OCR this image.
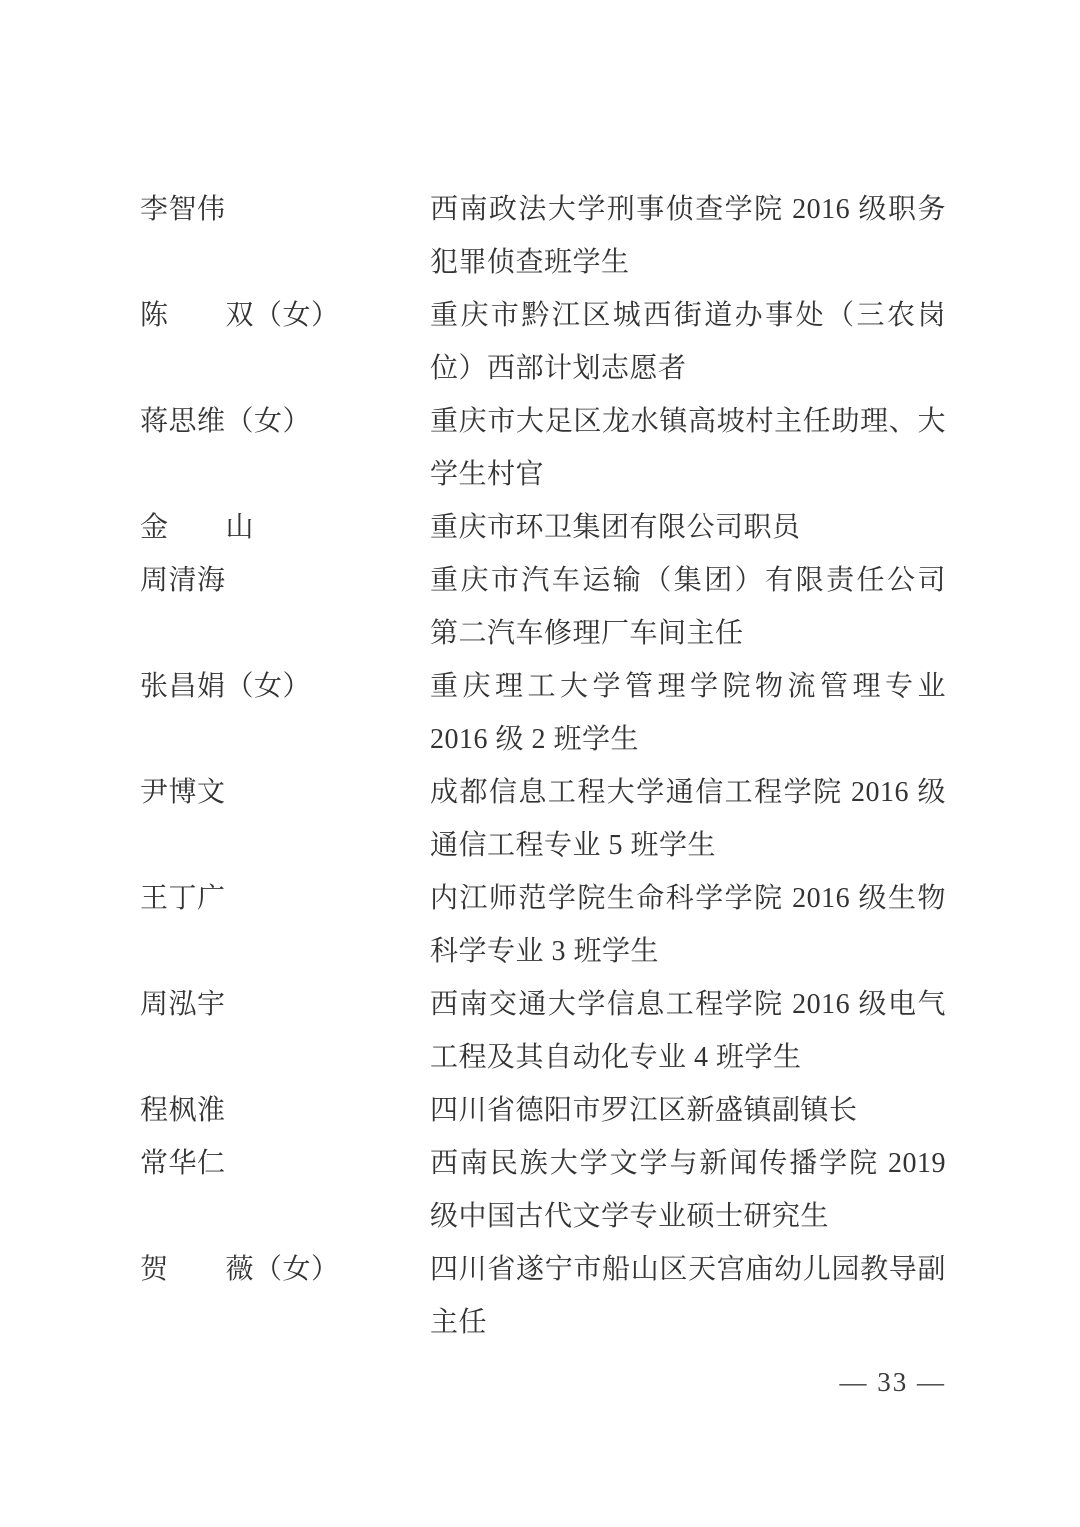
李智伟	西南政法大学刑事侦查学院 2016 级职务
犯罪侦查班学生
陈　　双（女）	重庆市黔江区城西街道办事处（三农岗
位）西部计划志愿者
蒋思维（女）	重庆市大足区龙水镇高坡村主任助理、大
学生村官
金　　山	重庆市环卫集团有限公司职员
周清海	重庆市汽车运输（集团）有限责任公司
第二汽车修理厂车间主任
张昌娟（女）	重庆理工大学管理学院物流管理专业
2016 级 2 班学生
尹博文	成都信息工程大学通信工程学院 2016 级
通信工程专业 5 班学生
王丁广	内江师范学院生命科学学院 2016 级生物
科学专业 3 班学生
周泓宇	西南交通大学信息工程学院 2016 级电气
工程及其自动化专业 4 班学生
程枫淮	四川省德阳市罗江区新盛镇副镇长
常华仁	西南民族大学文学与新闻传播学院 2019
级中国古代文学专业硕士研究生
贺　　薇（女）	四川省遂宁市船山区天宫庙幼儿园教导副
主任
— 33 —
